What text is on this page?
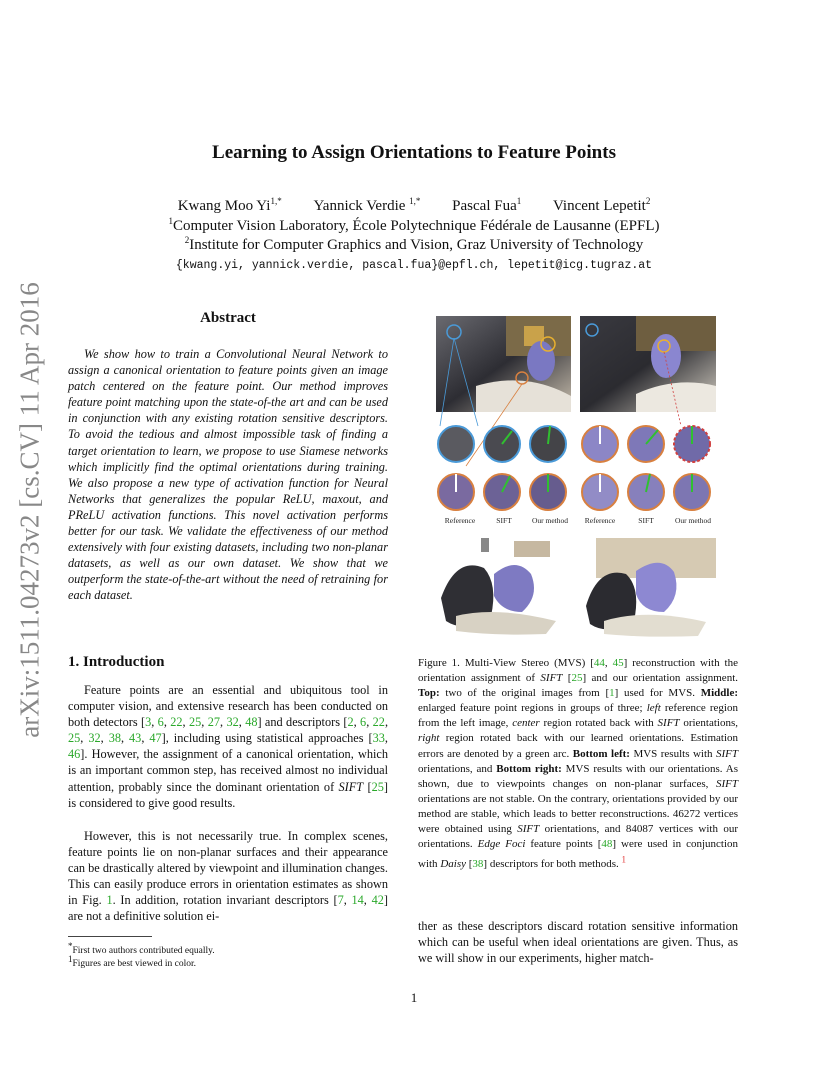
arXiv:1511.04273v2 [cs.CV] 11 Apr 2016
Learning to Assign Orientations to Feature Points
Kwang Moo $Yi^{1,*}$ Yannick Verdie $^{1,*}$ Pascal Fua$^1$ Vincent Lepetit$^2$
$^1$Computer Vision Laboratory, École Polytechnique Fédérale de Lausanne (EPFL)
$^2$Institute for Computer Graphics and Vision, Graz University of Technology
{kwang.yi, yannick.verdie, pascal.fua}@epfl.ch, lepetit@icg.tugraz.at
Abstract

We show how to train a Convolutional Neural Network to assign a canonical orientation to feature points given an image patch centered on the feature point. Our method improves feature point matching upon the state-of-the art and can be used in conjunction with any existing rotation sensitive descriptors. To avoid the tedious and almost impossible task of finding a target orientation to learn, we propose to use Siamese networks which implicitly find the optimal orientations during training. We also propose a new type of activation function for Neural Networks that generalizes the popular ReLU, maxout, and PReLU activation functions. This novel activation performs better for our task. We validate the effectiveness of our method extensively with four existing datasets, including two non-planar datasets, as well as our own dataset. We show that we outperform the state-of-the-art without the need of retraining for each dataset.

1. Introduction

Feature points are an essential and ubiquitous tool in computer vision, and extensive research has been conducted on both detectors [3, 6, 22, 25, 27, 32, 48] and descriptors [2, 6, 22, 25, 32, 38, 43, 47], including using statistical approaches [33, 46]. However, the assignment of a canonical orientation, which is an important common step, has received almost no individual attention, probably since the dominant orientation of SIFT [25] is considered to give good results.

However, this is not necessarily true. In complex scenes, feature points lie on non-planar surfaces and their appearance can be drastically altered by viewpoint and illumination changes. This can easily produce errors in orientation estimates as shown in Fig. 1. In addition, rotation invariant descriptors [7, 14, 42] are not a definitive solution ei-

*First two authors contributed equally.
$^1$Figures are best viewed in color.
Reference	SIFT	Our method Reference	SIFT	Our method
Figure 1. Multi-View Stereo (MVS) [44, 45] reconstruction with the orientation assignment of SIFT [25] and our orientation assignment. Top: two of the original images from [1] used for MVS. Middle: enlarged feature point regions in groups of three; left reference region from the left image, center region rotated back with SIFT orientations, right region rotated back with our learned orientations. Estimation errors are denoted by a green arc. Bottom left: MVS results with SIFT orientations, and Bottom right: MVS results with our orientations. As shown, due to viewpoints changes on non-planar surfaces, SIFT orientations are not stable. On the contrary, orientations provided by our method are stable, which leads to better reconstructions. 46272 vertices were obtained using SIFT orientations, and 84087 vertices with our orientations. Edge Foci feature points [48] were used in conjunction with Daisy [38] descriptors for both methods. $^1$

ther as these descriptors discard rotation sensitive information which can be useful when ideal orientations are given. Thus, as we will show in our experiments, higher match-

1
